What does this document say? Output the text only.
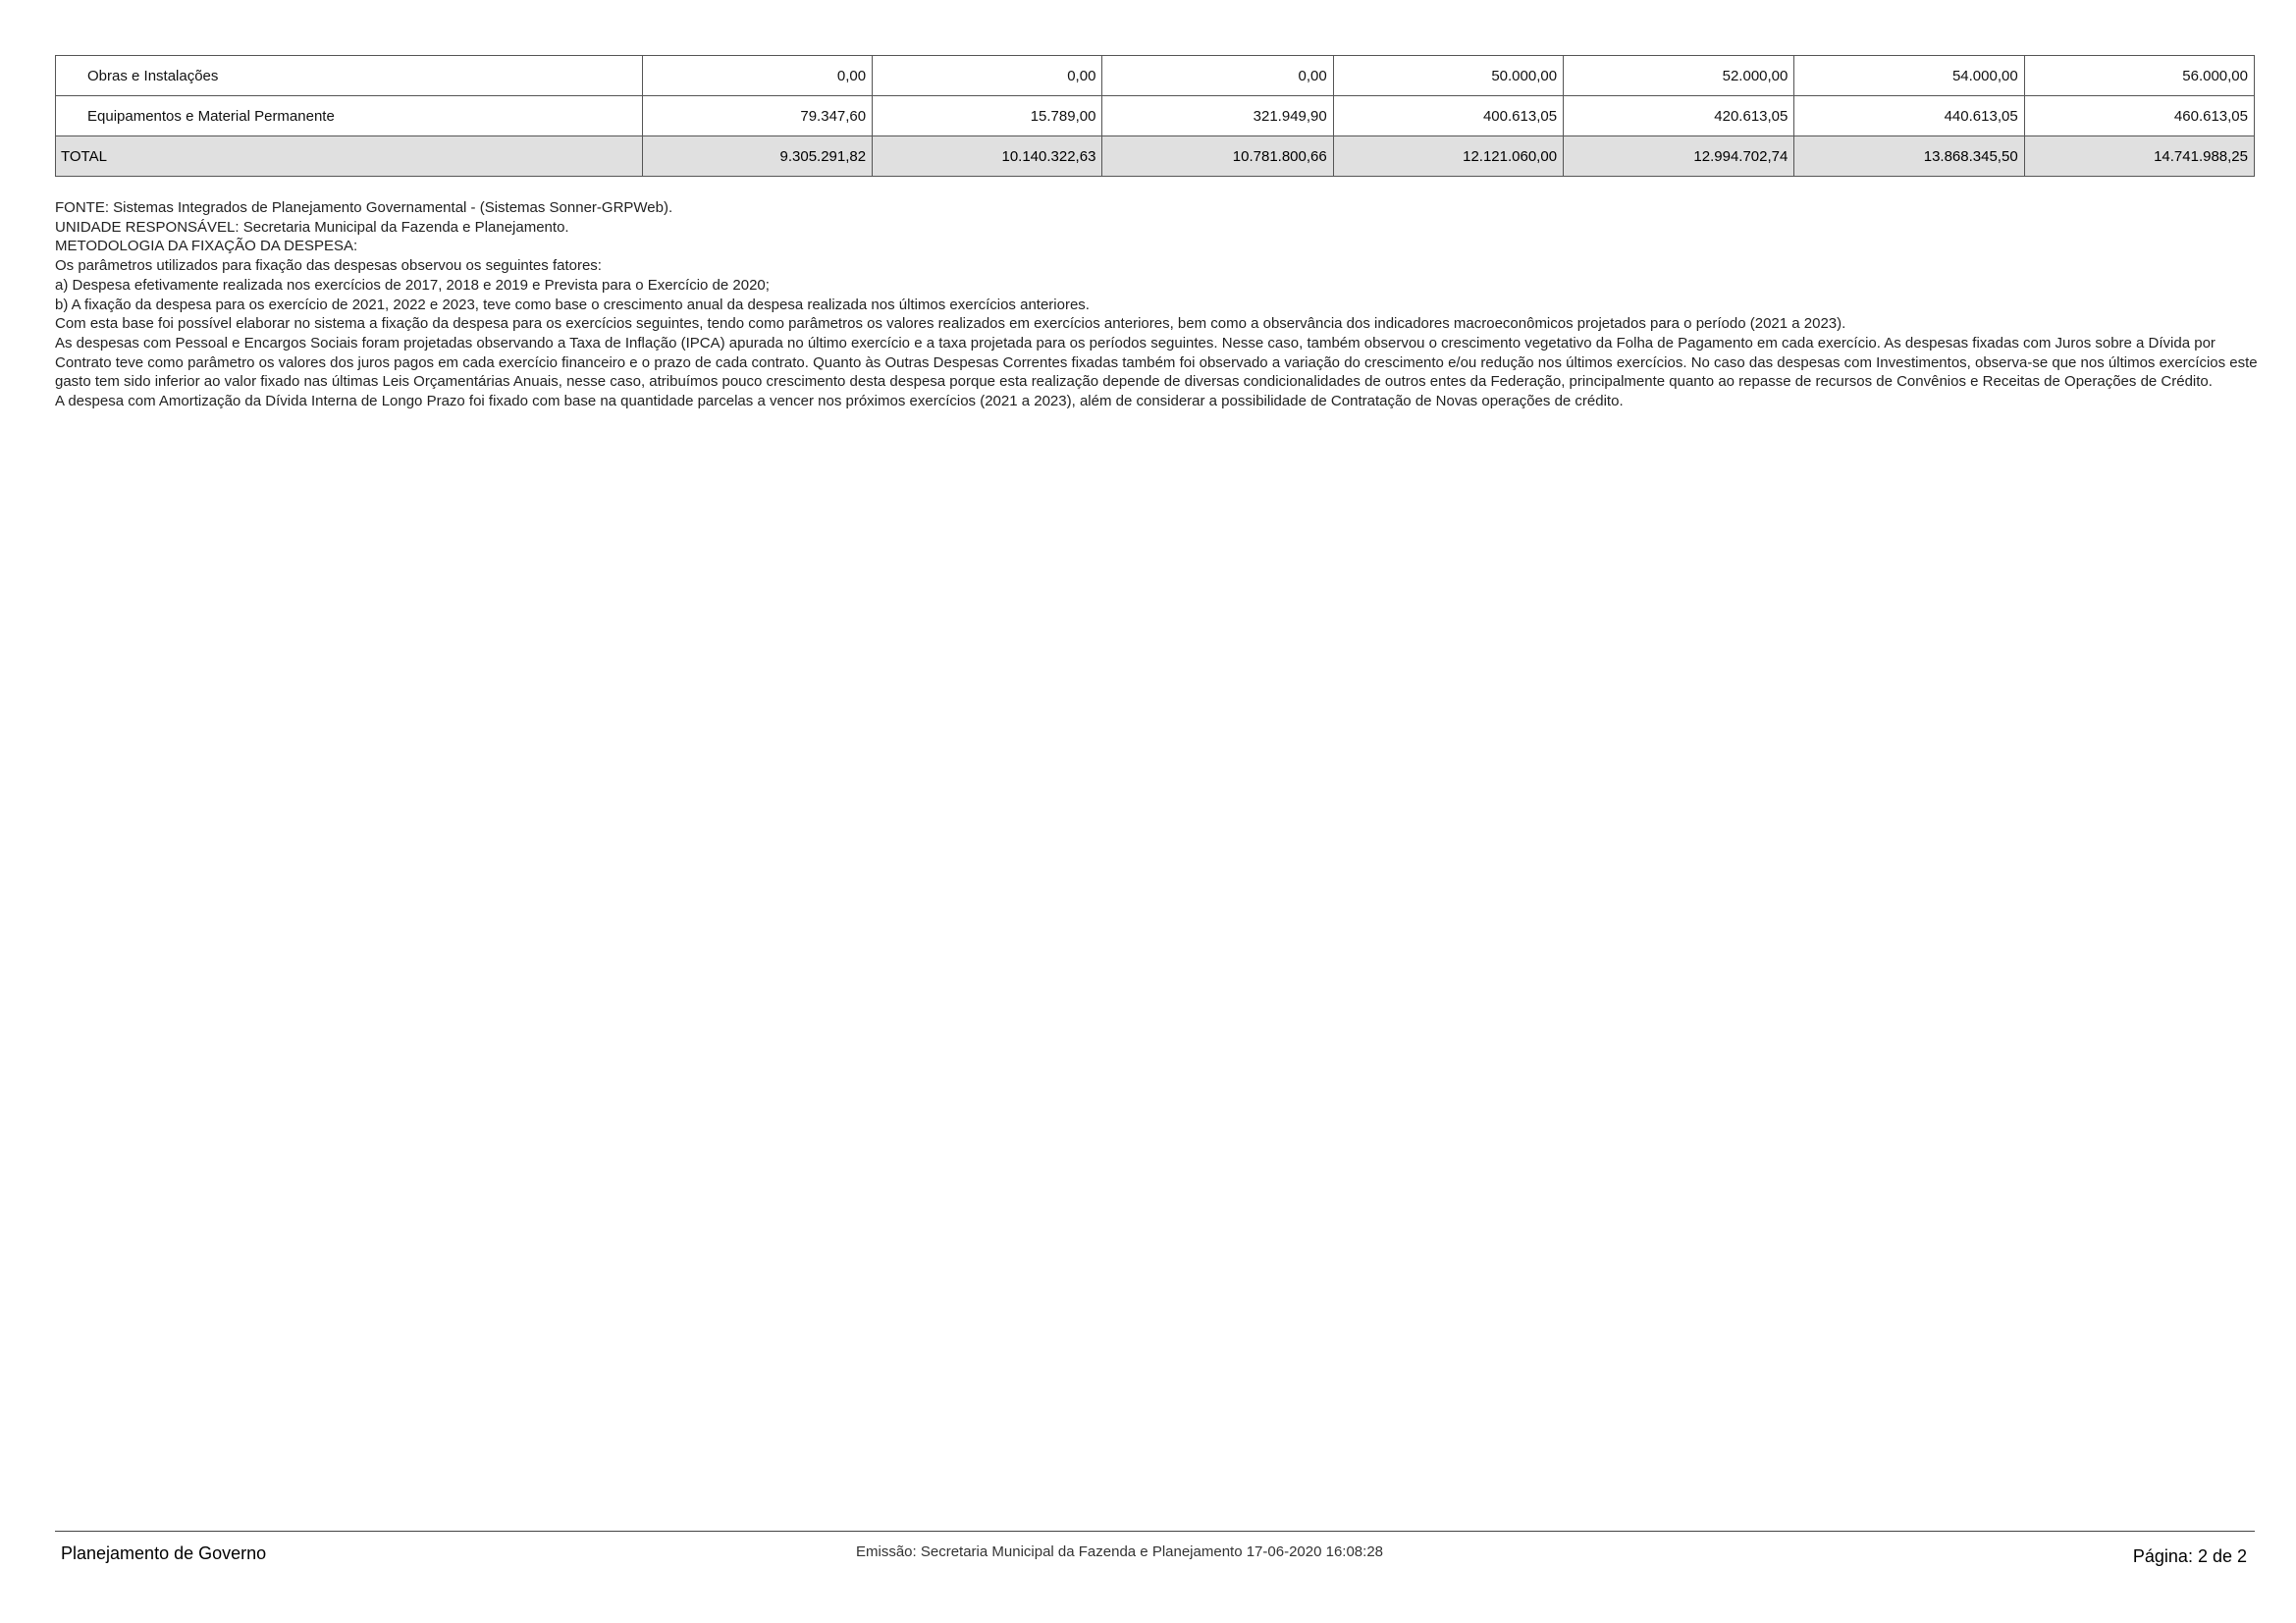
Obras e Instalações	0,00	0,00	0,00	50.000,00	52.000,00	54.000,00	56.000,00
Equipamentos e Material Permanente	79.347,60	15.789,00	321.949,90	400.613,05	420.613,05	440.613,05	460.613,05
TOTAL	9.305.291,82	10.140.322,63	10.781.800,66	12.121.060,00	12.994.702,74	13.868.345,50	14.741.988,25

FONTE: Sistemas Integrados de Planejamento Governamental - (Sistemas Sonner-GRPWeb).

UNIDADE RESPONSÁVEL: Secretaria Municipal da Fazenda e Planejamento.

METODOLOGIA DA FIXAÇÃO DA DESPESA:

Os parâmetros utilizados para fixação das despesas observou os seguintes fatores:

a) Despesa efetivamente realizada nos exercícios de 2017, 2018 e 2019 e Prevista para o Exercício de 2020;

b) A fixação da despesa para os exercício de 2021, 2022 e 2023, teve como base o crescimento anual da despesa realizada nos últimos exercícios anteriores.

Com esta base foi possível elaborar no sistema a fixação da despesa para os exercícios seguintes, tendo como parâmetros os valores realizados em exercícios anteriores, bem como a observância dos indicadores macroeconômicos projetados para o período (2021 a 2023).

As despesas com Pessoal e Encargos Sociais foram projetadas observando a Taxa de Inflação (IPCA) apurada no último exercício e a taxa projetada para os períodos seguintes. Nesse caso, também observou o crescimento vegetativo da Folha de Pagamento em cada exercício. As despesas fixadas com Juros sobre a Dívida por Contrato teve como parâmetro os valores dos juros pagos em cada exercício financeiro e o prazo de cada contrato. Quanto às Outras Despesas Correntes fixadas também foi observado a variação do crescimento e/ou redução nos últimos exercícios. No caso das despesas com Investimentos, observa-se que nos últimos exercícios este gasto tem sido inferior ao valor fixado nas últimas Leis Orçamentárias Anuais, nesse caso, atribuímos pouco crescimento desta despesa porque esta realização depende de diversas condicionalidades de outros entes da Federação, principalmente quanto ao repasse de recursos de Convênios e Receitas de Operações de Crédito.

A despesa com Amortização da Dívida Interna de Longo Prazo foi fixado com base na quantidade parcelas a vencer nos próximos exercícios (2021 a 2023), além de considerar a possibilidade de Contratação de Novas operações de crédito.

Planejamento de Governo	Emissão: Secretaria Municipal da Fazenda e Planejamento 17-06-2020 16:08:28	Página: 2 de 2
